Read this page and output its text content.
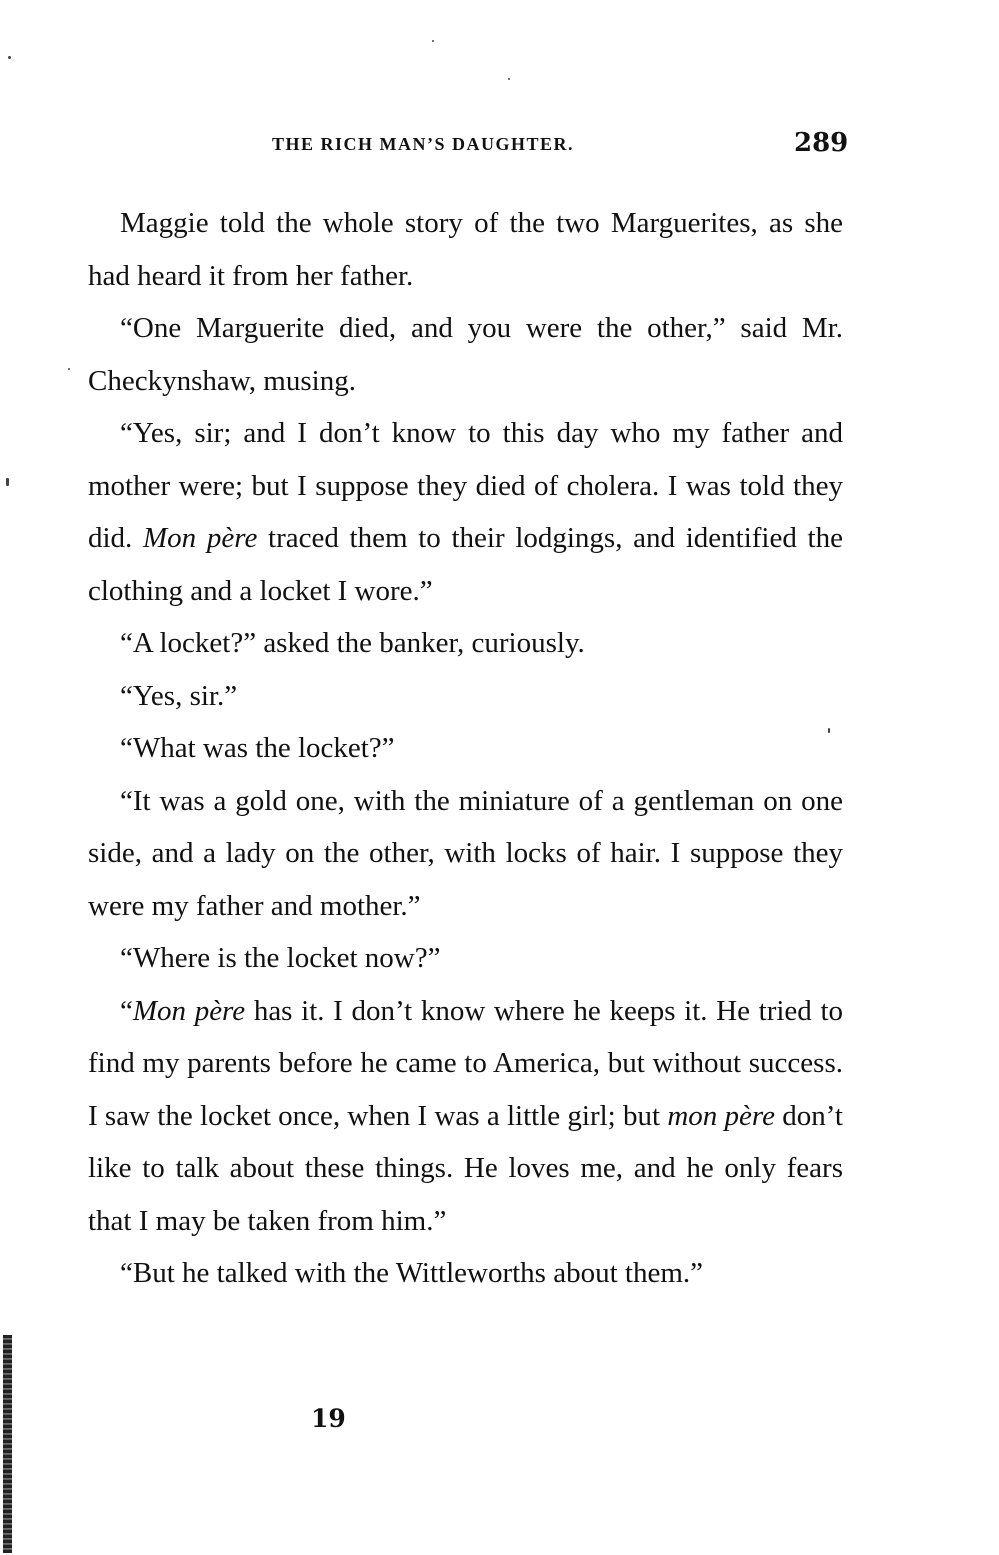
THE RICH MAN’S DAUGHTER.	289

Maggie told the whole story of the two Marguerites, as she had heard it from her father.

“One Marguerite died, and you were the other,” said Mr. Checkynshaw, musing.

“Yes, sir; and I don’t know to this day who my father and mother were; but I suppose they died of cholera. I was told they did. Mon père traced them to their lodgings, and identified the clothing and a locket I wore.”

“A locket?” asked the banker, curiously.

“Yes, sir.”

“What was the locket?”

“It was a gold one, with the miniature of a gentleman on one side, and a lady on the other, with locks of hair. I suppose they were my father and mother.”

“Where is the locket now?”

“Mon père has it. I don’t know where he keeps it. He tried to find my parents before he came to America, but without success. I saw the locket once, when I was a little girl; but mon père don’t like to talk about these things. He loves me, and he only fears that I may be taken from him.”

“But he talked with the Wittleworths about them.”

19
